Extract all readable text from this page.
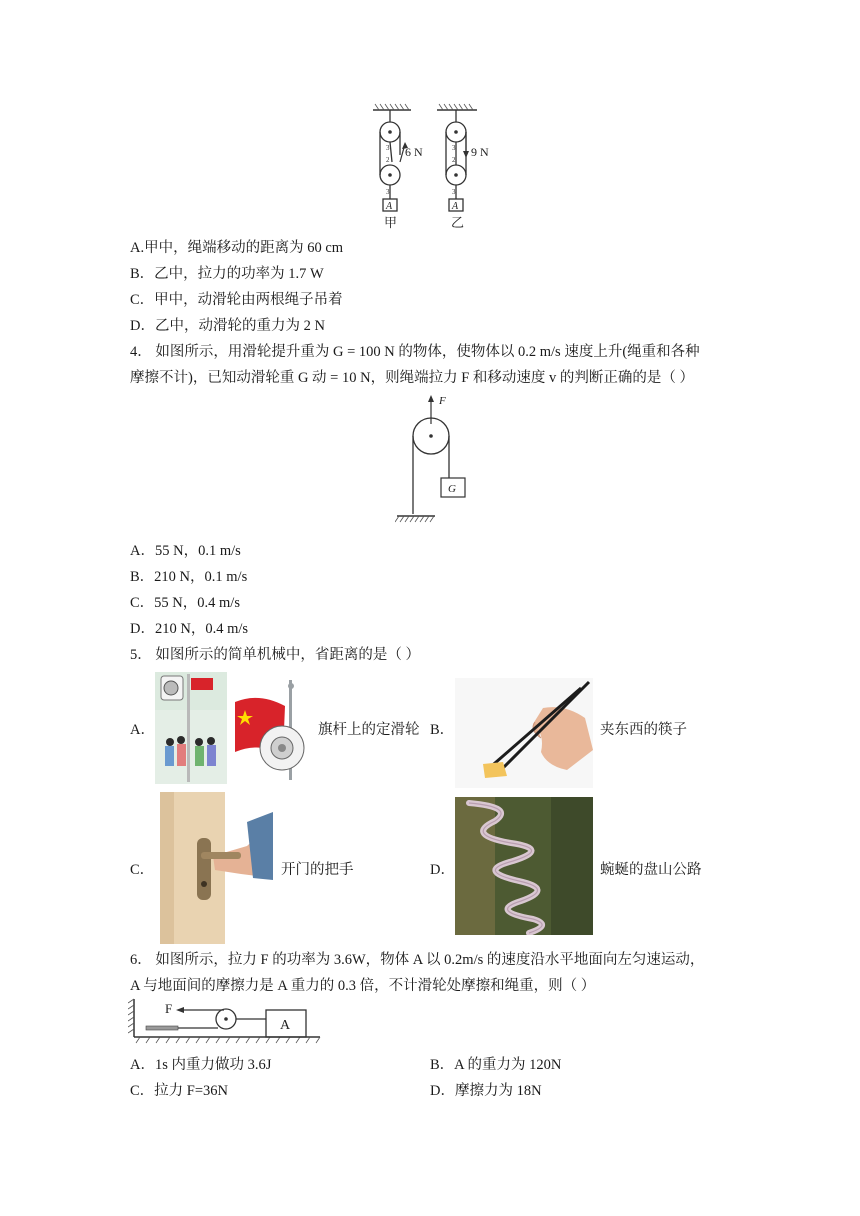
6 N
3
2
3
A
甲
9 N
3
2
3
A
乙
A.甲中，绳端移动的距离为 60 cm
B．乙中，拉力的功率为 1.7 W
C．甲中，动滑轮由两根绳子吊着
D．乙中，动滑轮的重力为 2 N
4． 如图所示，用滑轮提升重为 G = 100 N 的物体，使物体以 0.2 m/s 速度上升(绳重和各种
摩擦不计)，已知动滑轮重 G 动 = 10 N，则绳端拉力 F 和移动速度 v 的判断正确的是（ ）
F
G
A．55 N，0.1 m/s
B．210 N，0.1 m/s
C．55 N，0.4 m/s
D．210 N，0.4 m/s
5． 如图所示的简单机械中，省距离的是（ ）
A．	旗杆上的定滑轮 B．	夹东西的筷子
C．	开门的把手	D．	蜿蜒的盘山公路
6． 如图所示，拉力 F 的功率为 3.6W，物体 A 以 0.2m/s 的速度沿水平地面向左匀速运动，
A 与地面间的摩擦力是 A 重力的 0.3 倍，不计滑轮处摩擦和绳重，则（ ）
F
A
A．1s 内重力做功 3.6J	B．A 的重力为 120N
C．拉力 F=36N	D．摩擦力为 18N
